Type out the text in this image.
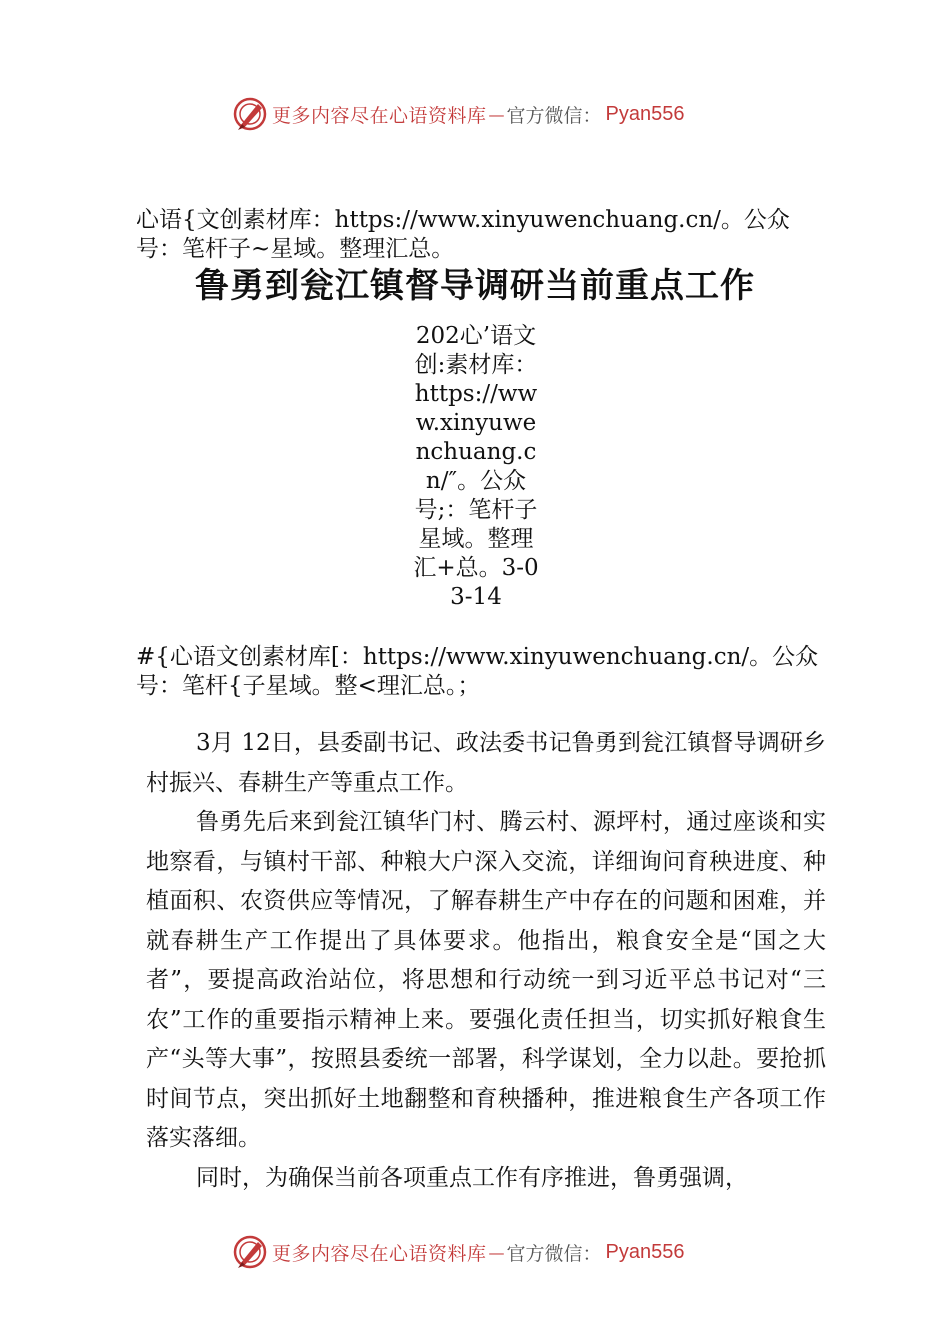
更多内容尽在心语资料库 — 官方微信： Pyan556
心语{文创素材库：https://www.xinyuwenchuang.cn/。公众号：笔杆子~星域。整理汇总。
鲁勇到瓮江镇督导调研当前重点工作
202心’语文创:素材库：https://www.xinyuwenchuang.cn/″。公众号;：笔杆子星域。整理汇+总。3-03-14
#{心语文创素材库[：https://www.xinyuwenchuang.cn/。公众号：笔杆{子星域。整<理汇总。；

3月 12日，县委副书记、政法委书记鲁勇到瓮江镇督导调研乡村振兴、春耕生产等重点工作。

鲁勇先后来到瓮江镇华门村、腾云村、源坪村，通过座谈和实地察看，与镇村干部、种粮大户深入交流，详细询问育秧进度、种植面积、农资供应等情况，了解春耕生产中存在的问题和困难，并就春耕生产工作提出了具体要求。他指出，粮食安全是“国之大者”，要提高政治站位，将思想和行动统一到习近平总书记对“三农”工作的重要指示精神上来。要强化责任担当，切实抓好粮食生产“头等大事”，按照县委统一部署，科学谋划，全力以赴。要抢抓时间节点，突出抓好土地翻整和育秧播种，推进粮食生产各项工作落实落细。

同时，为确保当前各项重点工作有序推进，鲁勇强调，

更多内容尽在心语资料库 — 官方微信： Pyan556
